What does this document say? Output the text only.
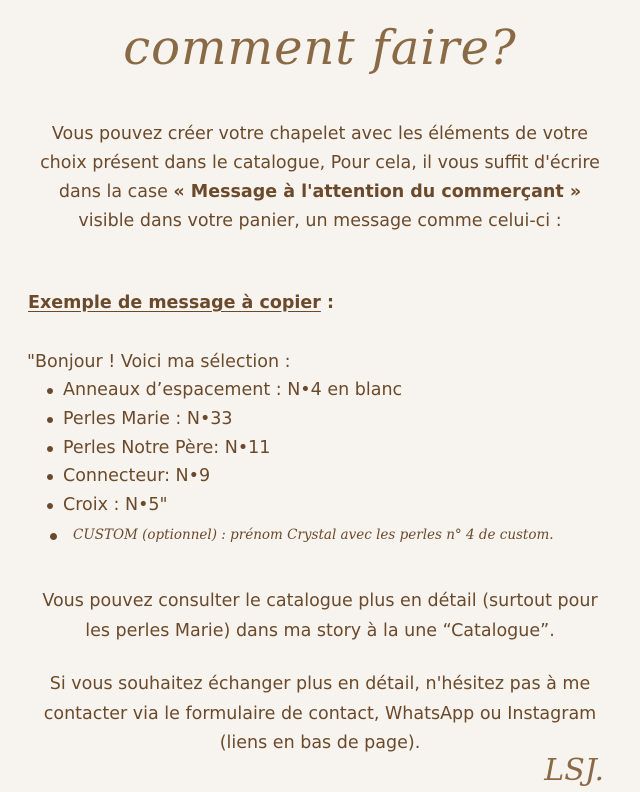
comment faire?
Vous pouvez créer votre chapelet avec les éléments de votre choix présent dans le catalogue, Pour cela, il vous suffit d'écrire dans la case « Message à l'attention du commerçant » visible dans votre panier, un message comme celui-ci :
Exemple de message à copier :
"Bonjour ! Voici ma sélection :
Anneaux d’espacement : N•4 en blanc
Perles Marie : N•33
Perles Notre Père: N•11
Connecteur: N•9
Croix : N•5"
CUSTOM (optionnel) : prénom Crystal avec les perles n° 4 de custom.
Vous pouvez consulter le catalogue plus en détail (surtout pour les perles Marie) dans ma story à la une “Catalogue”.
Si vous souhaitez échanger plus en détail, n'hésitez pas à me contacter via le formulaire de contact, WhatsApp ou Instagram (liens en bas de page).
LSJ.
